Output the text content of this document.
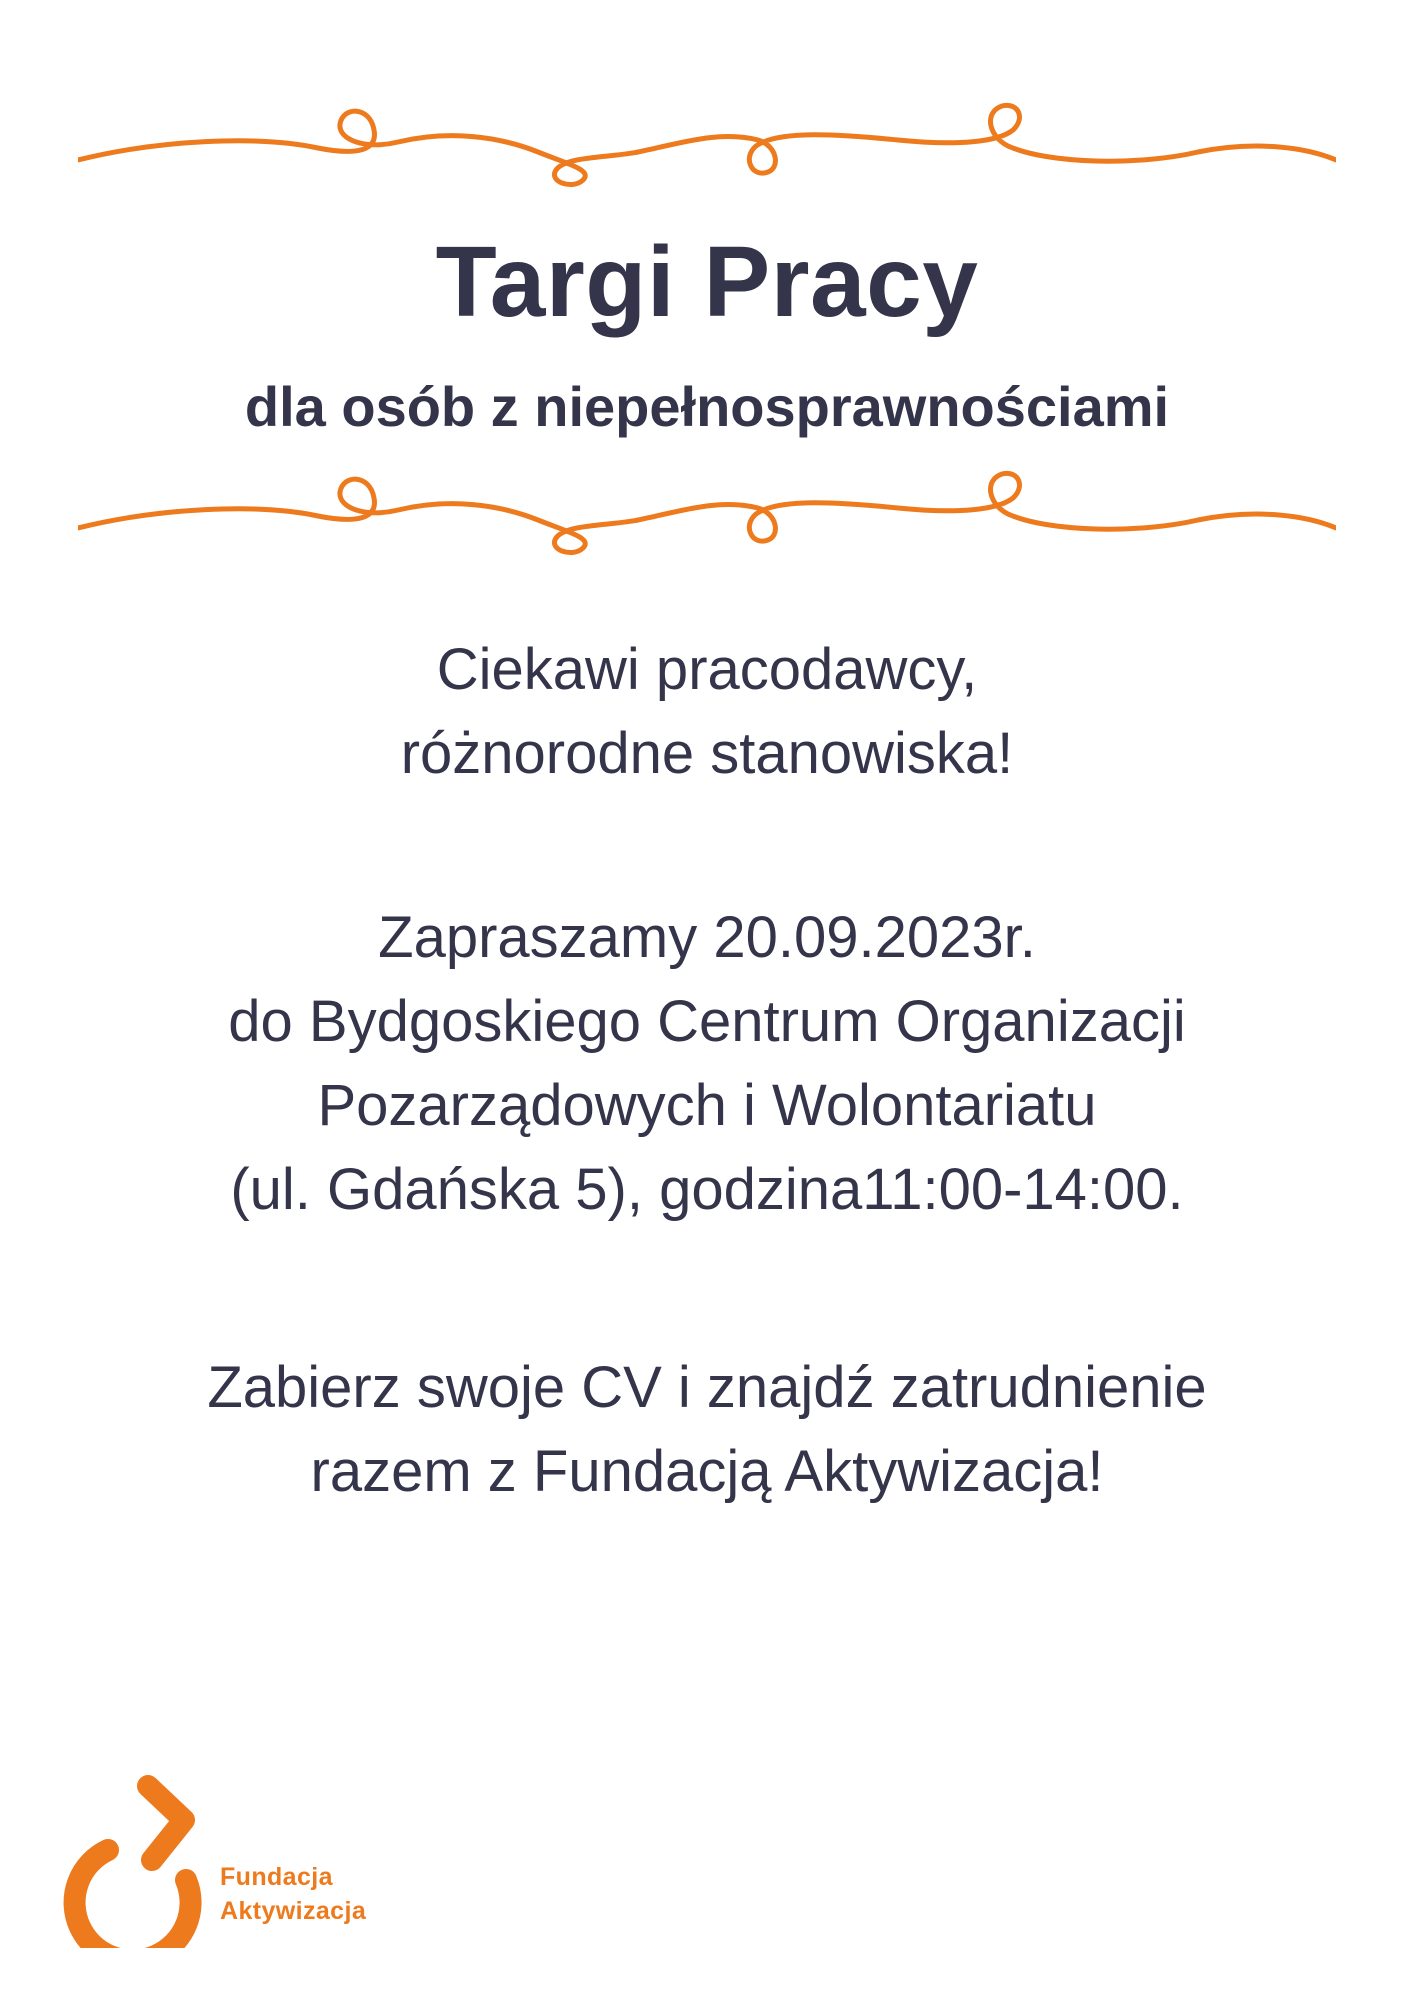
Targi Pracy
dla osób z niepełnosprawnościami
Ciekawi pracodawcy,
różnorodne stanowiska!
Zapraszamy 20.09.2023r.
do Bydgoskiego Centrum Organizacji
Pozarządowych i Wolontariatu
(ul. Gdańska 5), godzina11:00-14:00.
Zabierz swoje CV i znajdź zatrudnienie
razem z Fundacją Aktywizacja!
Fundacja
Aktywizacja
